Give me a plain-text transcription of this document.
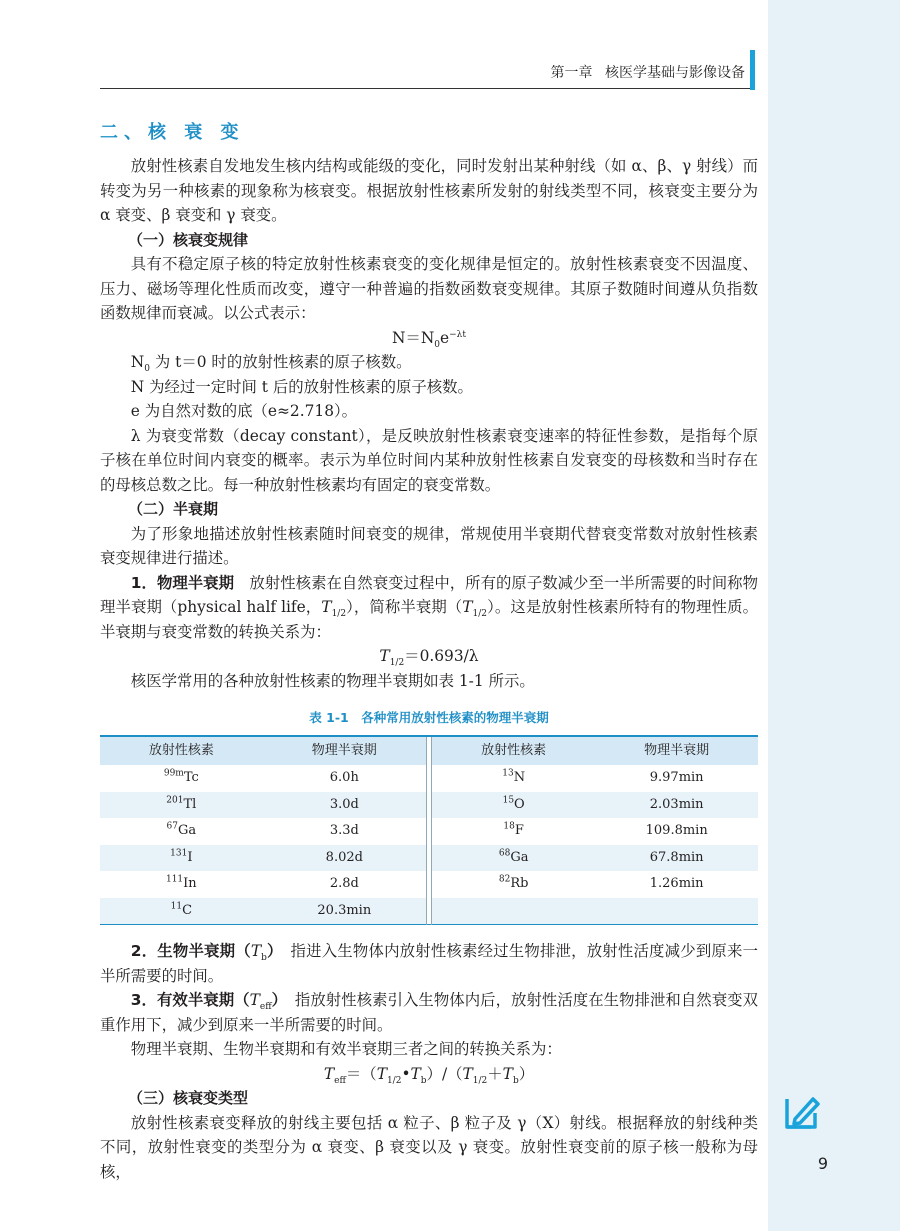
第一章 核医学基础与影像设备

二、核 衰 变

放射性核素自发地发生核内结构或能级的变化，同时发射出某种射线（如 α、β、γ 射线）而转变为另一种核素的现象称为核衰变。根据放射性核素所发射的射线类型不同，核衰变主要分为 α 衰变、β 衰变和 γ 衰变。

（一）核衰变规律

具有不稳定原子核的特定放射性核素衰变的变化规律是恒定的。放射性核素衰变不因温度、压力、磁场等理化性质而改变，遵守一种普遍的指数函数衰变规律。其原子数随时间遵从负指数函数规律而衰减。以公式表示：

$N=N_0e^{-\lambda t}$

$N_0$ 为 t＝0 时的放射性核素的原子核数。

N 为经过一定时间 t 后的放射性核素的原子核数。

e 为自然对数的底（e≈2.718）。

λ 为衰变常数（decay constant），是反映放射性核素衰变速率的特征性参数，是指每个原子核在单位时间内衰变的概率。表示为单位时间内某种放射性核素自发衰变的母核数和当时存在的母核总数之比。每一种放射性核素均有固定的衰变常数。

（二）半衰期

为了形象地描述放射性核素随时间衰变的规律，常规使用半衰期代替衰变常数对放射性核素衰变规律进行描述。

1．物理半衰期　 放射性核素在自然衰变过程中，所有的原子数减少至一半所需要的时间称物理半衰期（physical half life，$T_{1/2}$），简称半衰期$(T_{1/2})$。这是放射性核素所特有的物理性质。半衰期与衰变常数的转换关系为：

$T_{1/2}=0.693/\lambda$

核医学常用的各种放射性核素的物理半衰期如表 1-1 所示。

表 1-1　各种常用放射性核素的物理半衰期

放射性核素	物理半衰期		放射性核素	物理半衰期
$^{99m}$Tc	6.0h		$^{13}$N	9.97min
$^{201}$Tl	3.0d		$^{15}$O	2.03min
$^{67}$Ga	3.3d		$^{18}$F	109.8min
$^{131}$I	8.02d		$^{68}$Ga	67.8min
$^{111}$In	2.8d		$^{82}$Rb	1.26min
$^{11}$C	20.3min			

2．生物半衰期$(T_b)$　 指进入生物体内放射性核素经过生物排泄，放射性活度减少到原来一半所需要的时间。

3．有效半衰期$(T_{eff})$　 指放射性核素引入生物体内后，放射性活度在生物排泄和自然衰变双重作用下，减少到原来一半所需要的时间。

物理半衰期、生物半衰期和有效半衰期三者之间的转换关系为：

$T_{eff}=(T_{1/2}•T_b)/(T_{1/2}+T_b)$

（三）核衰变类型

放射性核素衰变释放的射线主要包括 α 粒子、β 粒子及 γ（X）射线。根据释放的射线种类不同，放射性衰变的类型分为 α 衰变、β 衰变以及 γ 衰变。放射性衰变前的原子核一般称为母核，	9
